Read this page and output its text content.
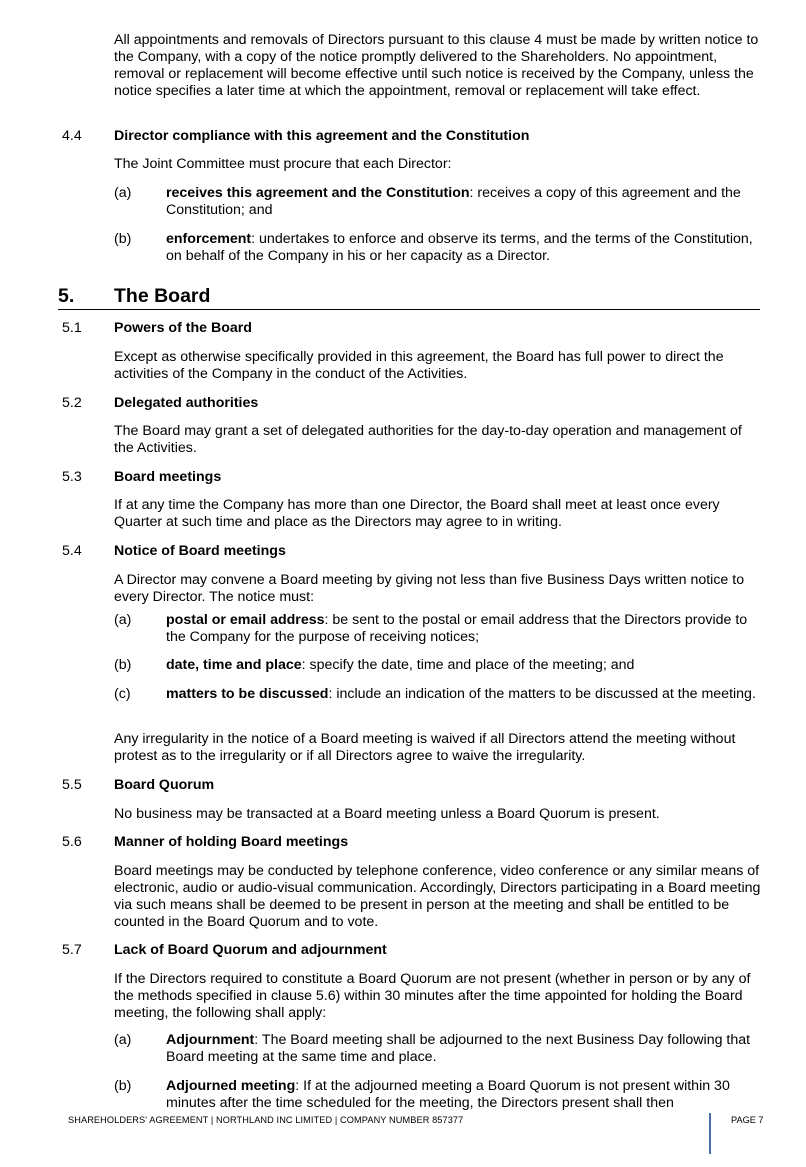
All appointments and removals of Directors pursuant to this clause 4 must be made by written notice to the Company, with a copy of the notice promptly delivered to the Shareholders. No appointment, removal or replacement will become effective until such notice is received by the Company, unless the notice specifies a later time at which the appointment, removal or replacement will take effect.

4.4 Director compliance with this agreement and the Constitution

The Joint Committee must procure that each Director:

(a) receives this agreement and the Constitution: receives a copy of this agreement and the Constitution; and

(b) enforcement: undertakes to enforce and observe its terms, and the terms of the Constitution, on behalf of the Company in his or her capacity as a Director.

5. The Board

5.1 Powers of the Board

Except as otherwise specifically provided in this agreement, the Board has full power to direct the activities of the Company in the conduct of the Activities.

5.2 Delegated authorities

The Board may grant a set of delegated authorities for the day-to-day operation and management of the Activities.

5.3 Board meetings

If at any time the Company has more than one Director, the Board shall meet at least once every Quarter at such time and place as the Directors may agree to in writing.

5.4 Notice of Board meetings

A Director may convene a Board meeting by giving not less than five Business Days written notice to every Director. The notice must:

(a) postal or email address: be sent to the postal or email address that the Directors provide to the Company for the purpose of receiving notices;

(b) date, time and place: specify the date, time and place of the meeting; and

(c) matters to be discussed: include an indication of the matters to be discussed at the meeting.

Any irregularity in the notice of a Board meeting is waived if all Directors attend the meeting without protest as to the irregularity or if all Directors agree to waive the irregularity.

5.5 Board Quorum

No business may be transacted at a Board meeting unless a Board Quorum is present.

5.6 Manner of holding Board meetings

Board meetings may be conducted by telephone conference, video conference or any similar means of electronic, audio or audio-visual communication. Accordingly, Directors participating in a Board meeting via such means shall be deemed to be present in person at the meeting and shall be entitled to be counted in the Board Quorum and to vote.

5.7 Lack of Board Quorum and adjournment

If the Directors required to constitute a Board Quorum are not present (whether in person or by any of the methods specified in clause 5.6) within 30 minutes after the time appointed for holding the Board meeting, the following shall apply:

(a) Adjournment: The Board meeting shall be adjourned to the next Business Day following that Board meeting at the same time and place.

(b) Adjourned meeting: If at the adjourned meeting a Board Quorum is not present within 30 minutes after the time scheduled for the meeting, the Directors present shall then

SHAREHOLDERS' AGREEMENT | NORTHLAND INC LIMITED | COMPANY NUMBER 857377	PAGE 7
